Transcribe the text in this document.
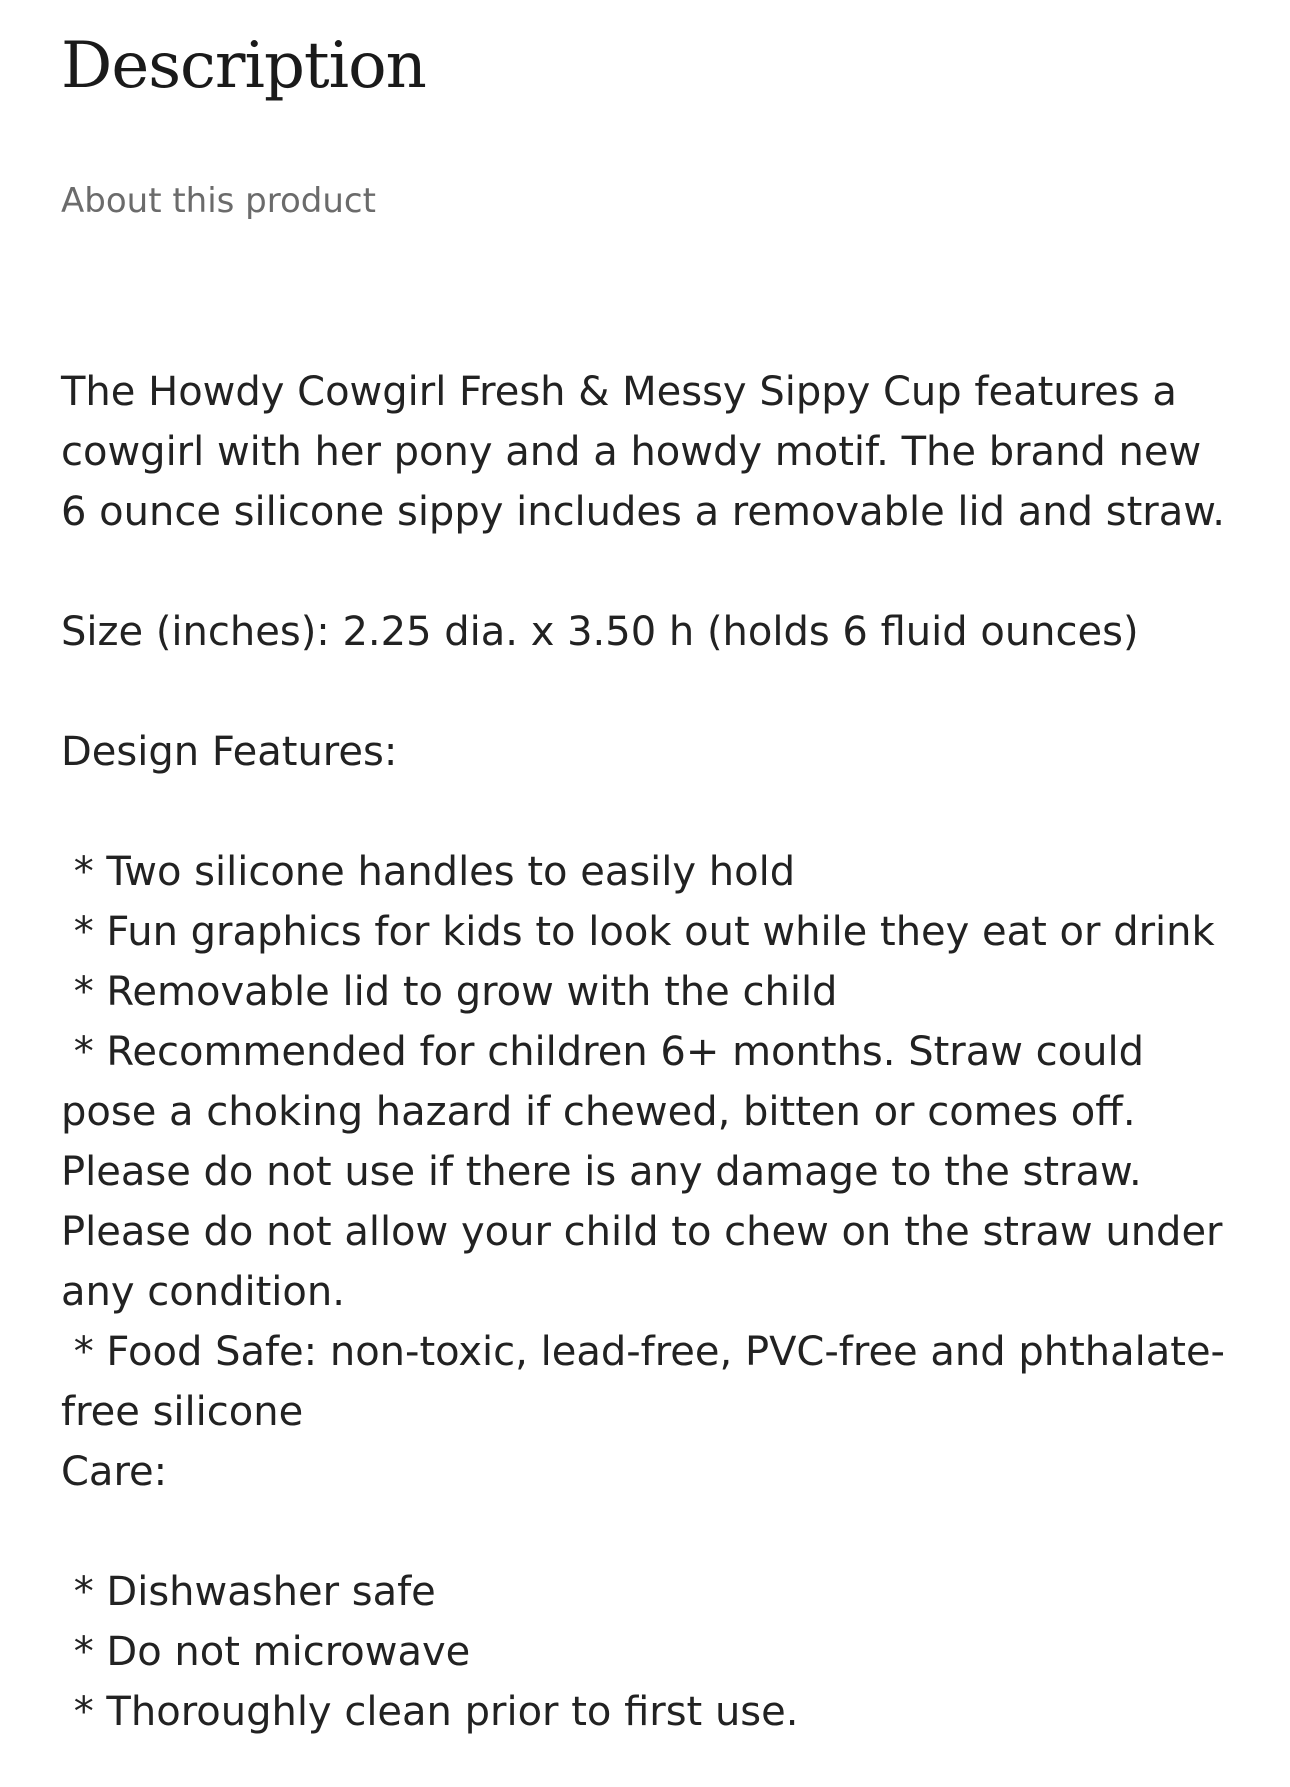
Description
About this product
The Howdy Cowgirl Fresh & Messy Sippy Cup features a
cowgirl with her pony and a howdy motif. The brand new
6 ounce silicone sippy includes a removable lid and straw.
Size (inches): 2.25 dia. x 3.50 h (holds 6 fluid ounces)
Design Features:
* Two silicone handles to easily hold
* Fun graphics for kids to look out while they eat or drink
* Removable lid to grow with the child
* Recommended for children 6+ months. Straw could
pose a choking hazard if chewed, bitten or comes off.
Please do not use if there is any damage to the straw.
Please do not allow your child to chew on the straw under
any condition.
* Food Safe: non-toxic, lead-free, PVC-free and phthalate-
free silicone
Care:
* Dishwasher safe
* Do not microwave
* Thoroughly clean prior to first use.
